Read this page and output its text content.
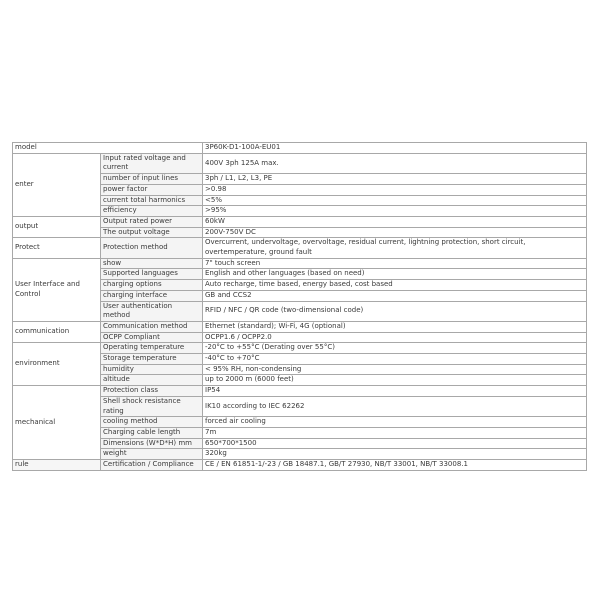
model		3P60K-D1-100A-EU01
enter	Input rated voltage and current	400V 3ph 125A max.
	number of input lines	3ph / L1, L2, L3, PE
	power factor	>0.98
	current total harmonics	<5%
	efficiency	>95%
output	Output rated power	60kW
	The output voltage	200V-750V DC
Protect	Protection method	Overcurrent, undervoltage, overvoltage, residual current, lightning protection, short circuit, overtemperature, ground fault
User Interface and Control	show	7" touch screen
	Supported languages	English and other languages (based on need)
	charging options	Auto recharge, time based, energy based, cost based
	charging interface	GB and CCS2
	User authentication method	RFID / NFC / QR code (two-dimensional code)
communication	Communication method	Ethernet (standard); Wi-Fi, 4G (optional)
	OCPP Compliant	OCPP1.6 / OCPP2.0
environment	Operating temperature	-20°C to +55°C (Derating over 55°C)
	Storage temperature	-40°C to +70°C
	humidity	< 95% RH, non-condensing
	altitude	up to 2000 m (6000 feet)
mechanical	Protection class	IP54
	Shell shock resistance rating	IK10 according to IEC 62262
	cooling method	forced air cooling
	Charging cable length	7m
	Dimensions (W*D*H) mm	650*700*1500
	weight	320kg
rule	Certification / Compliance	CE / EN 61851-1/-23 / GB 18487.1, GB/T 27930, NB/T 33001, NB/T 33008.1
